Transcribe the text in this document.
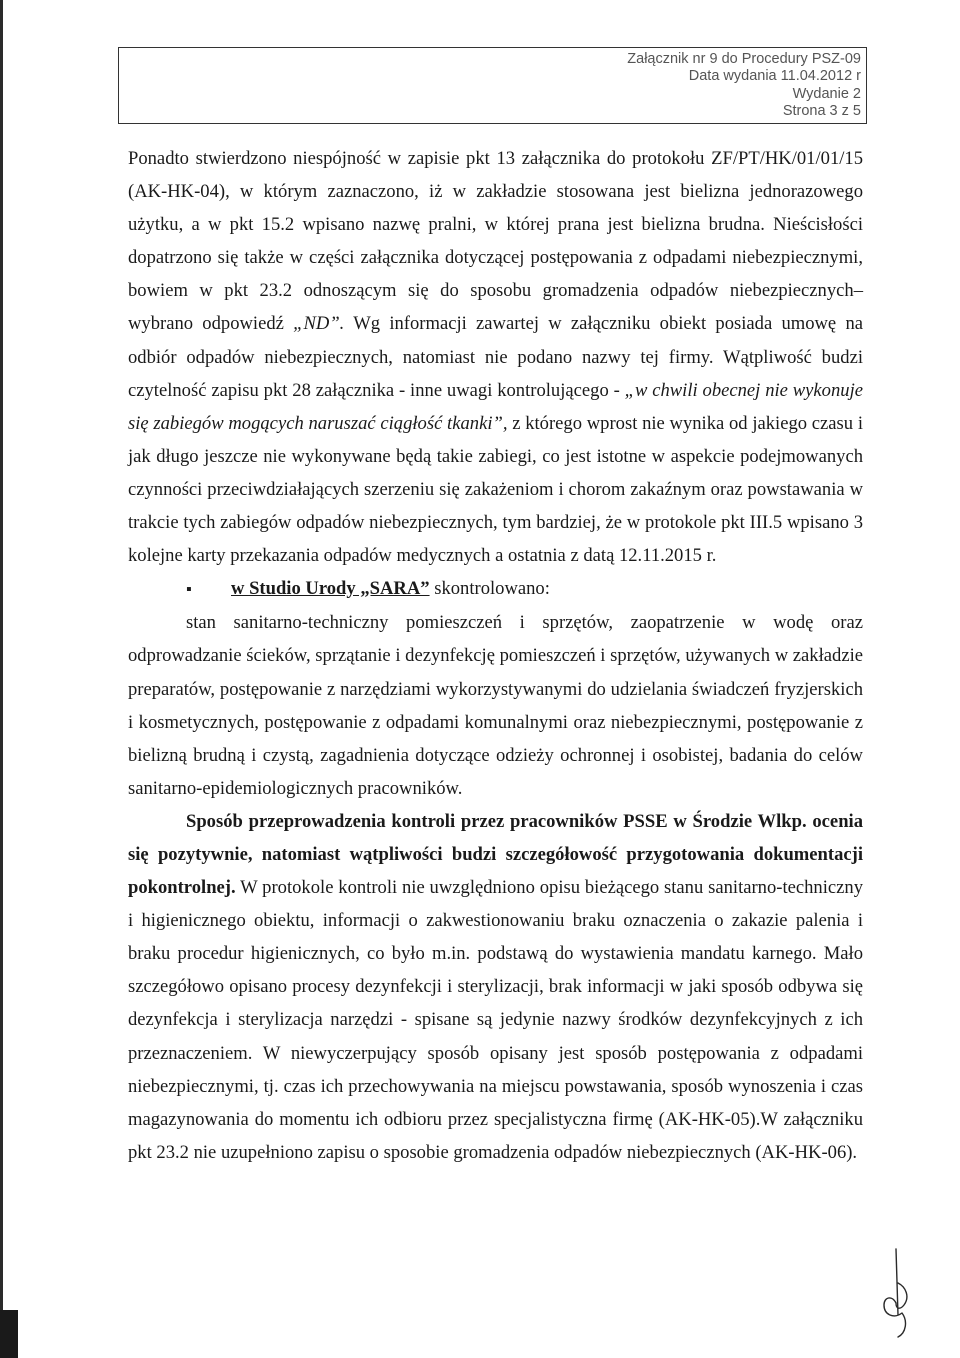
Załącznik nr 9 do Procedury PSZ-09
Data wydania 11.04.2012 r
Wydanie 2
Strona 3 z 5

Ponadto stwierdzono niespójność w zapisie pkt 13 załącznika do protokołu ZF/PT/HK/01/01/15 (AK-HK-04), w którym zaznaczono, iż w zakładzie stosowana jest bielizna jednorazowego użytku, a w pkt 15.2 wpisano nazwę pralni, w której prana jest bielizna brudna. Nieścisłości dopatrzono się także w części załącznika dotyczącej postępowania z odpadami niebezpiecznymi, bowiem w pkt 23.2 odnoszącym się do sposobu gromadzenia odpadów niebezpiecznych– wybrano odpowiedź „ND”. Wg informacji zawartej w załączniku obiekt posiada umowę na odbiór odpadów niebezpiecznych, natomiast nie podano nazwy tej firmy. Wątpliwość budzi czytelność zapisu pkt 28 załącznika - inne uwagi kontrolującego - „w chwili obecnej nie wykonuje się zabiegów mogących naruszać ciągłość tkanki”, z którego wprost nie wynika od jakiego czasu i jak długo jeszcze nie wykonywane będą takie zabiegi, co jest istotne w aspekcie podejmowanych czynności przeciwdziałających szerzeniu się zakażeniom i chorom zakaźnym oraz powstawania w trakcie tych zabiegów odpadów niebezpiecznych, tym bardziej, że w protokole pkt III.5 wpisano 3 kolejne karty przekazania odpadów medycznych a ostatnia z datą 12.11.2015 r.

▪ w Studio Urody „SARA” skontrolowano:

stan sanitarno-techniczny pomieszczeń i sprzętów, zaopatrzenie w wodę oraz odprowadzanie ścieków, sprzątanie i dezynfekcję pomieszczeń i sprzętów, używanych w zakładzie preparatów, postępowanie z narzędziami wykorzystywanymi do udzielania świadczeń fryzjerskich i kosmetycznych, postępowanie z odpadami komunalnymi oraz niebezpiecznymi, postępowanie z bielizną brudną i czystą, zagadnienia dotyczące odzieży ochronnej i osobistej, badania do celów sanitarno-epidemiologicznych pracowników.

Sposób przeprowadzenia kontroli przez pracowników PSSE w Środzie Wlkp. ocenia się pozytywnie, natomiast wątpliwości budzi szczegółowość przygotowania dokumentacji pokontrolnej. W protokole kontroli nie uwzględniono opisu bieżącego stanu sanitarno-techniczny i higienicznego obiektu, informacji o zakwestionowaniu braku oznaczenia o zakazie palenia i braku procedur higienicznych, co było m.in. podstawą do wystawienia mandatu karnego. Mało szczegółowo opisano procesy dezynfekcji i sterylizacji, brak informacji w jaki sposób odbywa się dezynfekcja i sterylizacja narzędzi - spisane są jedynie nazwy środków dezynfekcyjnych z ich przeznaczeniem. W niewyczerpujący sposób opisany jest sposób postępowania z odpadami niebezpiecznymi, tj. czas ich przechowywania na miejscu powstawania, sposób wynoszenia i czas magazynowania do momentu ich odbioru przez specjalistyczna firmę (AK-HK-05).W załączniku pkt 23.2 nie uzupełniono zapisu o sposobie gromadzenia odpadów niebezpiecznych (AK-HK-06).
